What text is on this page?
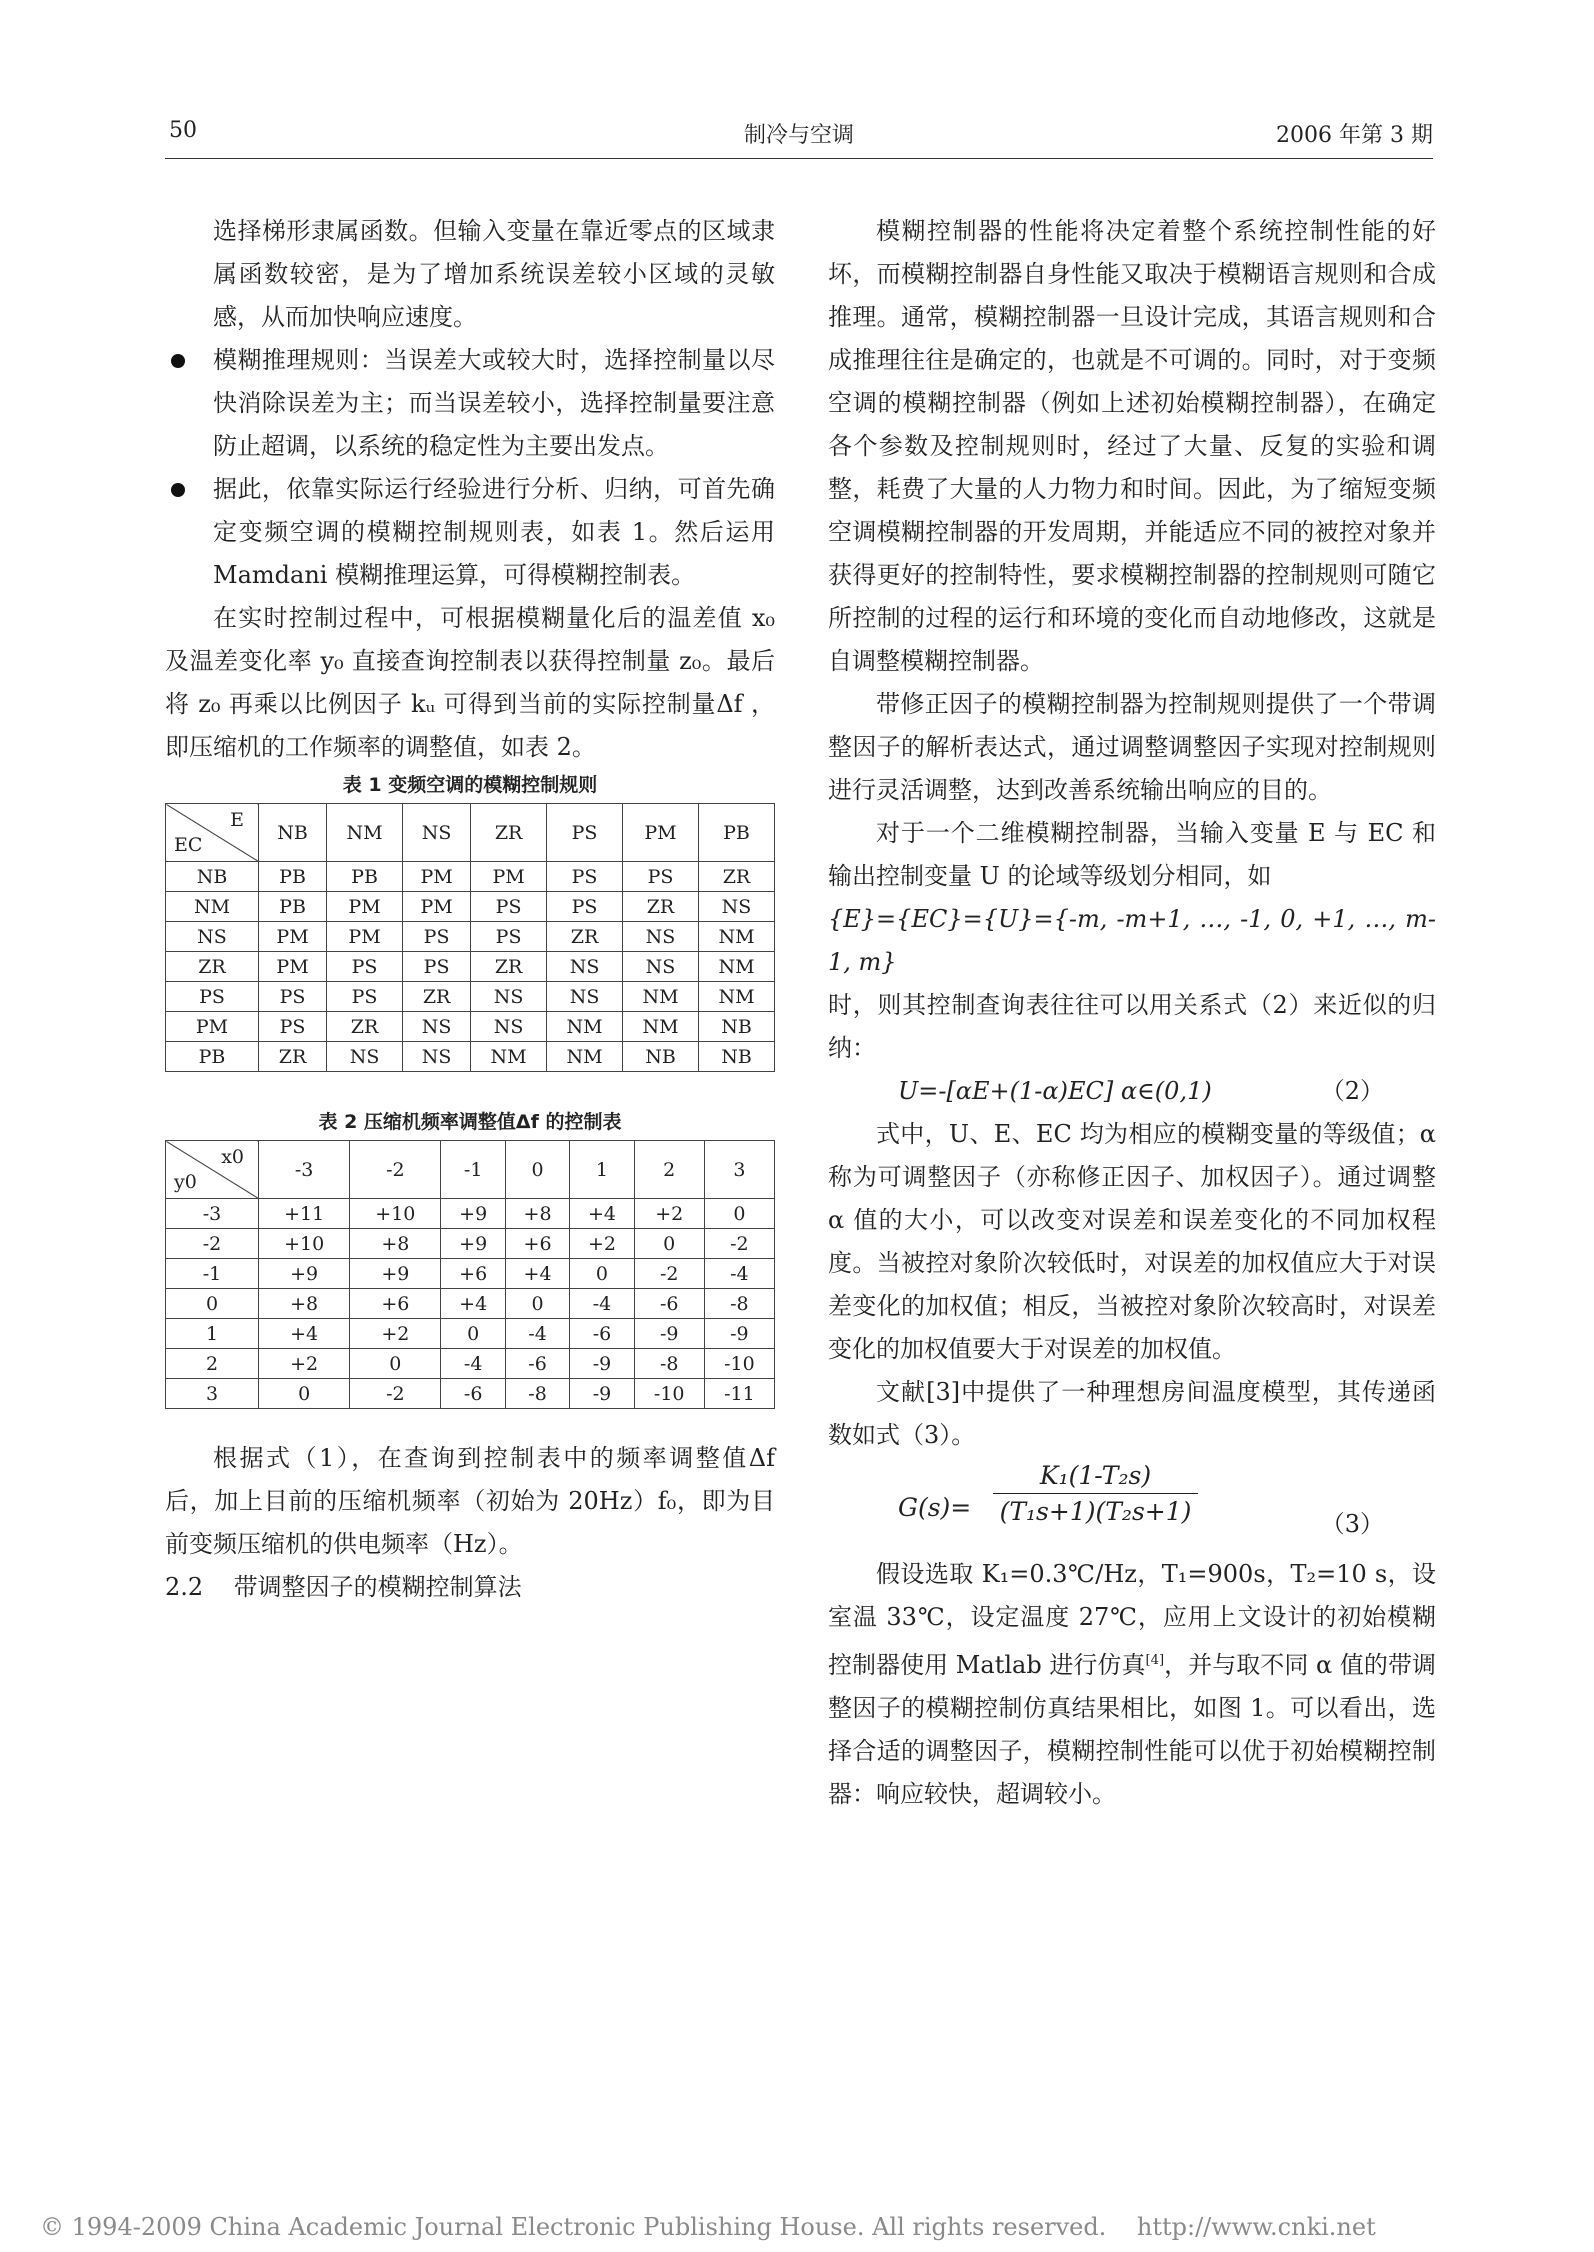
50	制冷与空调	2006 年第 3 期

选择梯形隶属函数。但输入变量在靠近零点的区域隶属函数较密，是为了增加系统误差较小区域的灵敏感，从而加快响应速度。

模糊推理规则：当误差大或较大时，选择控制量以尽快消除误差为主；而当误差较小，选择控制量要注意防止超调，以系统的稳定性为主要出发点。

据此，依靠实际运行经验进行分析、归纳，可首先确定变频空调的模糊控制规则表，如表 1。然后运用 Mamdani 模糊推理运算，可得模糊控制表。

在实时控制过程中，可根据模糊量化后的温差值 x₀ 及温差变化率 y₀ 直接查询控制表以获得控制量 z₀。最后将 z₀ 再乘以比例因子 kᵤ 可得到当前的实际控制量Δf ，即压缩机的工作频率的调整值，如表 2。

表 1 变频空调的模糊控制规则
E
EC	NB	NM	NS	ZR	PS	PM	PB
NB	PB	PB	PM	PM	PS	PS	ZR
NM	PB	PM	PM	PS	PS	ZR	NS
NS	PM	PM	PS	PS	ZR	NS	NM
ZR	PM	PS	PS	ZR	NS	NS	NM
PS	PS	PS	ZR	NS	NS	NM	NM
PM	PS	ZR	NS	NS	NM	NM	NB
PB	ZR	NS	NS	NM	NM	NB	NB
表 2 压缩机频率调整值Δf 的控制表
x0
y0	-3	-2	-1	0	1	2	3
-3	+11	+10	+9	+8	+4	+2	0
-2	+10	+8	+9	+6	+2	0	-2
-1	+9	+9	+6	+4	0	-2	-4
0	+8	+6	+4	0	-4	-6	-8
1	+4	+2	0	-4	-6	-9	-9
2	+2	0	-4	-6	-9	-8	-10
3	0	-2	-6	-8	-9	-10	-11

根据式（1），在查询到控制表中的频率调整值Δf 后，加上目前的压缩机频率（初始为 20Hz）f₀，即为目前变频压缩机的供电频率（Hz）。

2.2    带调整因子的模糊控制算法

模糊控制器的性能将决定着整个系统控制性能的好坏，而模糊控制器自身性能又取决于模糊语言规则和合成推理。通常，模糊控制器一旦设计完成，其语言规则和合成推理往往是确定的，也就是不可调的。同时，对于变频空调的模糊控制器（例如上述初始模糊控制器），在确定各个参数及控制规则时，经过了大量、反复的实验和调整，耗费了大量的人力物力和时间。因此，为了缩短变频空调模糊控制器的开发周期，并能适应不同的被控对象并获得更好的控制特性，要求模糊控制器的控制规则可随它所控制的过程的运行和环境的变化而自动地修改，这就是自调整模糊控制器。

带修正因子的模糊控制器为控制规则提供了一个带调整因子的解析表达式，通过调整调整因子实现对控制规则进行灵活调整，达到改善系统输出响应的目的。

对于一个二维模糊控制器，当输入变量 E 与 EC 和输出控制变量 U 的论域等级划分相同，如

{E}={EC}={U}={-m, -m+1, …, -1, 0, +1, …, m-1, m}

时，则其控制查询表往往可以用关系式（2）来近似的归纳：

U=-[αE+(1-α)EC] α∈(0,1)	（2）

式中，U、E、EC 均为相应的模糊变量的等级值；α 称为可调整因子（亦称修正因子、加权因子）。通过调整 α 值的大小，可以改变对误差和误差变化的不同加权程度。当被控对象阶次较低时，对误差的加权值应大于对误差变化的加权值；相反，当被控对象阶次较高时，对误差变化的加权值要大于对误差的加权值。

文献[3]中提供了一种理想房间温度模型，其传递函数如式（3）。

$G(s)= \frac{\text{K₁(1-T₂s)}}{\text{(T₁s+1)(T₂s+1)}}$	（3）

假设选取 K₁=0.3℃/Hz，T₁=900s，T₂=10 s，设室温 33℃，设定温度 27℃，应用上文设计的初始模糊控制器使用 Matlab 进行仿真[4]，并与取不同 α 值的带调整因子的模糊控制仿真结果相比，如图 1。可以看出，选择合适的调整因子，模糊控制性能可以优于初始模糊控制器：响应较快，超调较小。

© 1994-2009 China Academic Journal Electronic Publishing House. All rights reserved.    http://www.cnki.net
